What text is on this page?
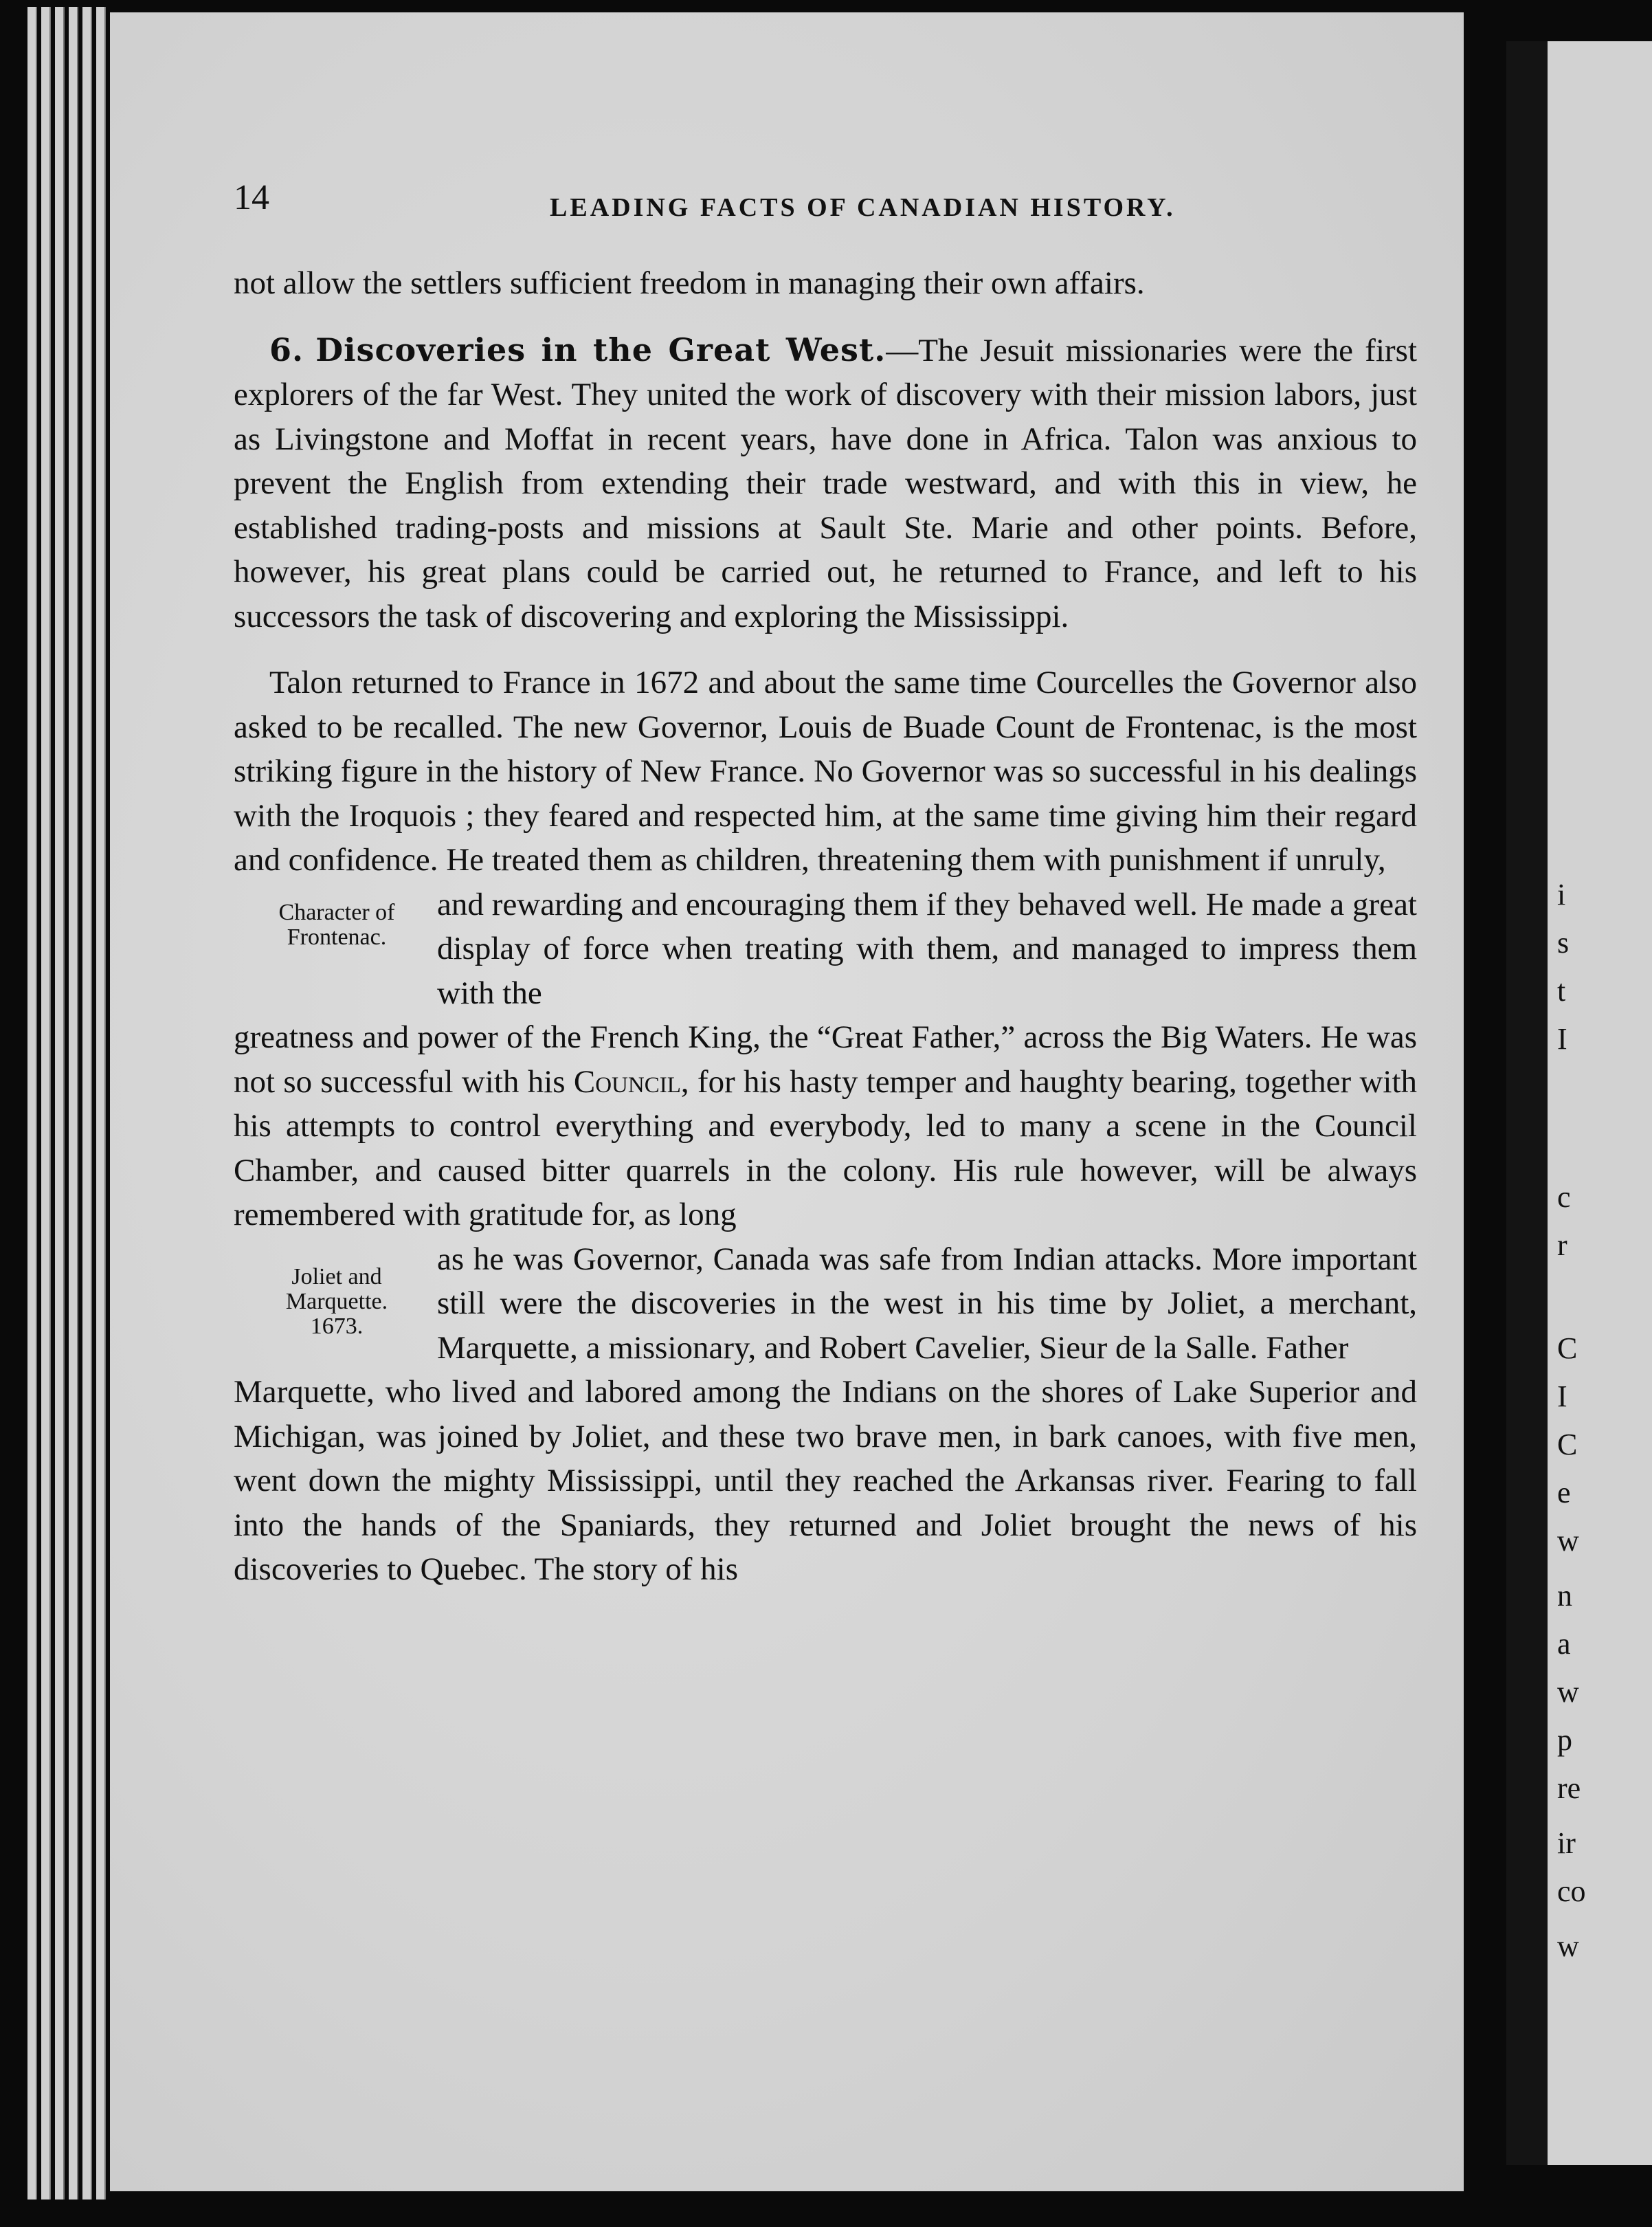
i
s
t
I
c
r
C
I
C
e
w
n
a
w
p
re
ir
co
w
14	LEADING FACTS OF CANADIAN HISTORY.

not allow the settlers sufficient freedom in managing their own affairs.

6. Discoveries in the Great West.—The Jesuit missionaries were the first explorers of the far West. They united the work of discovery with their mission labors, just as Livingstone and Moffat in recent years, have done in Africa. Talon was anxious to prevent the English from extending their trade westward, and with this in view, he established trading-posts and missions at Sault Ste. Marie and other points. Before, however, his great plans could be carried out, he returned to France, and left to his successors the task of discovering and exploring the Mississippi.

Talon returned to France in 1672 and about the same time Courcelles the Governor also asked to be recalled. The new Governor, Louis de Buade Count de Frontenac, is the most striking figure in the history of New France. No Governor was so successful in his dealings with the Iroquois ; they feared and respected him, at the same time giving him their regard and confidence. He treated them as children, threatening them with punishment if unruly,

Character of
Frontenac.

and rewarding and encouraging them if they behaved well. He made a great display of force when treating with them, and managed to impress them with the

greatness and power of the French King, the “Great Father,” across the Big Waters. He was not so successful with his Council, for his hasty temper and haughty bearing, together with his attempts to control everything and everybody, led to many a scene in the Council Chamber, and caused bitter quarrels in the colony. His rule however, will be always remembered with gratitude for, as long

Joliet and
Marquette.
1673.

as he was Governor, Canada was safe from Indian attacks. More important still were the discoveries in the west in his time by Joliet, a merchant, Marquette, a missionary, and Robert Cavelier, Sieur de la Salle. Father

Marquette, who lived and labored among the Indians on the shores of Lake Superior and Michigan, was joined by Joliet, and these two brave men, in bark canoes, with five men, went down the mighty Mississippi, until they reached the Arkansas river. Fearing to fall into the hands of the Spaniards, they returned and Joliet brought the news of his discoveries to Quebec. The story of his
